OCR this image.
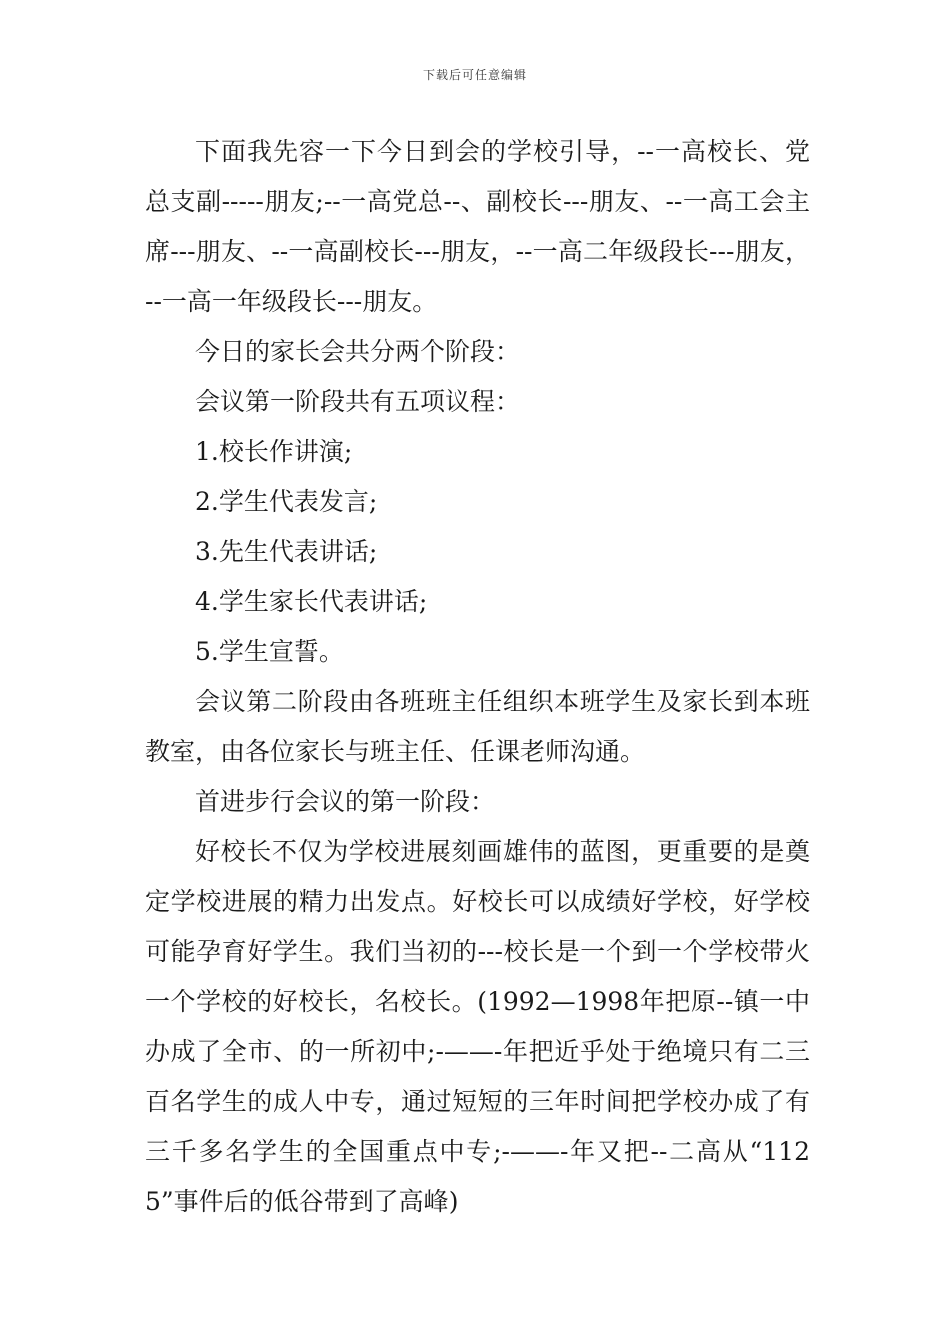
下载后可任意编辑

下面我先容一下今日到会的学校引导，--一高校长、党总支副-----朋友;--一高党总--、副校长---朋友、--一高工会主席---朋友、--一高副校长---朋友，--一高二年级段长---朋友，--一高一年级段长---朋友。

今日的家长会共分两个阶段：

会议第一阶段共有五项议程：

1.校长作讲演;

2.学生代表发言;

3.先生代表讲话;

4.学生家长代表讲话;

5.学生宣誓。

会议第二阶段由各班班主任组织本班学生及家长到本班教室，由各位家长与班主任、任课老师沟通。

首进步行会议的第一阶段：

好校长不仅为学校进展刻画雄伟的蓝图，更重要的是奠定学校进展的精力出发点。好校长可以成绩好学校，好学校可能孕育好学生。我们当初的---校长是一个到一个学校带火一个学校的好校长，名校长。(1992—1998年把原--镇一中办成了全市、的一所初中;-——-年把近乎处于绝境只有二三百名学生的成人中专，通过短短的三年时间把学校办成了有三千多名学生的全国重点中专;-——-年又把--二高从“1125”事件后的低谷带到了高峰)
